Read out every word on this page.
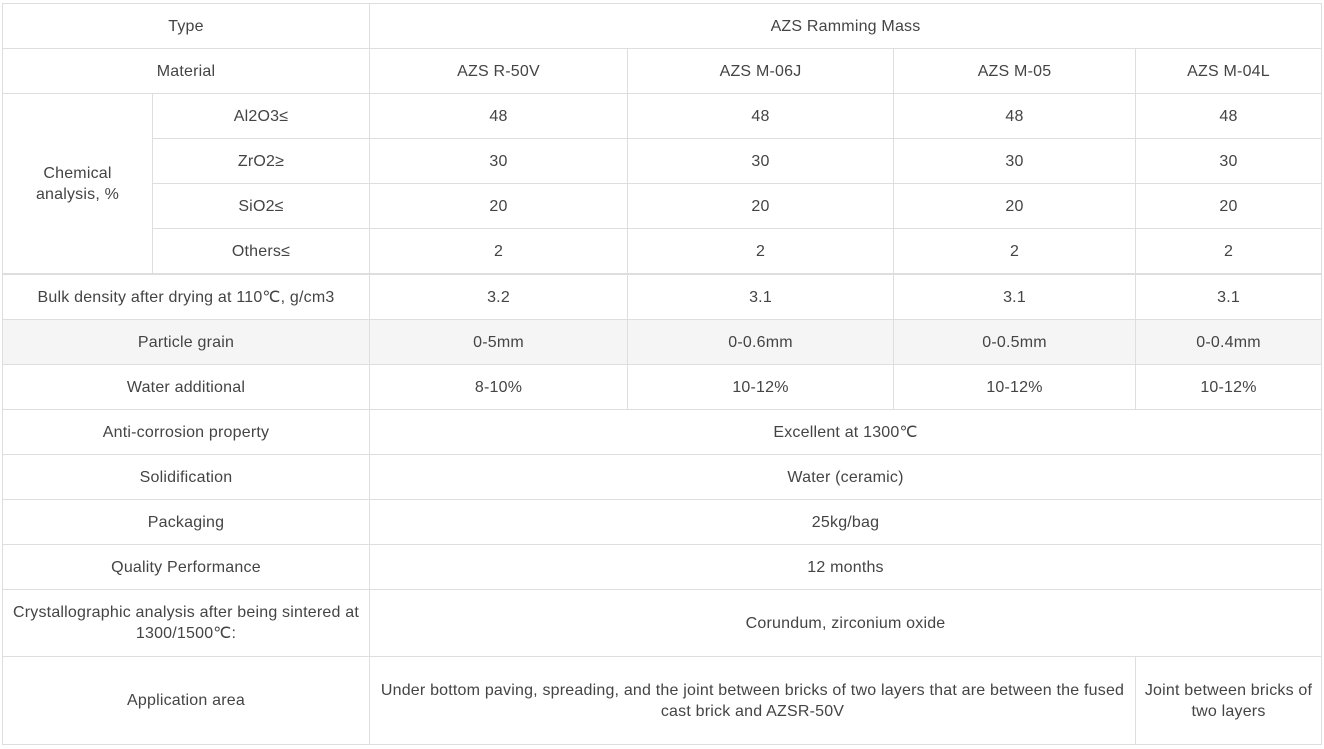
Type		AZS Ramming Mass			
Material		AZS R-50V	AZS M-06J	AZS M-05	AZS M-04L
Chemical analysis, %	Al2O3≤	48	48	48	48
	ZrO2≥	30	30	30	30
	SiO2≤	20	20	20	20
	Others≤	2	2	2	2
Bulk density after drying at 110℃, g/cm3		3.2	3.1	3.1	3.1
Particle grain		0-5mm	0-0.6mm	0-0.5mm	0-0.4mm
Water additional		8-10%	10-12%	10-12%	10-12%
Anti-corrosion property		Excellent at 1300℃			
Solidification		Water (ceramic)			
Packaging		25kg/bag			
Quality Performance		12 months			
Crystallographic analysis after being sintered at 1300/1500℃:		Corundum, zirconium oxide			
Application area		Under bottom paving, spreading, and the joint between bricks of two layers that are between the fused cast brick and AZSR-50V			Joint between bricks of two layers
